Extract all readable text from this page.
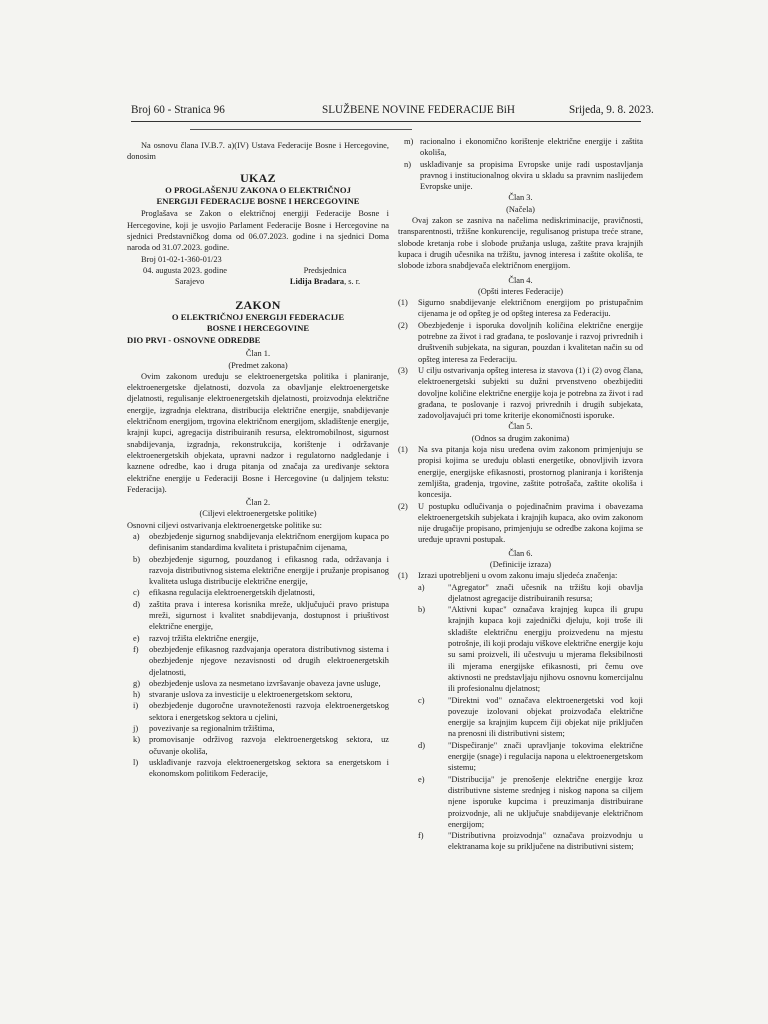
Broj 60 - Stranica 96	SLUŽBENE NOVINE FEDERACIJE BiH	Srijeda, 9. 8. 2023.

Na osnovu člana IV.B.7. a)(IV) Ustava Federacije Bosne i Hercegovine, donosim

UKAZ

O PROGLAŠENJU ZAKONA O ELEKTRIČNOJ

ENERGIJI FEDERACIJE BOSNE I HERCEGOVINE

Proglašava se Zakon o električnoj energiji Federacije Bosne i Hercegovine, koji je usvojio Parlament Federacije Bosne i Hercegovine na sjednici Predstavničkog doma od 06.07.2023. godine i na sjednici Doma naroda od 31.07.2023. godine.

Broj 01-02-1-360-01/23

04. augusta 2023. godine
Sarajevo
Predsjednica
Lidija Bradara, s. r.

ZAKON

O ELEKTRIČNOJ ENERGIJI FEDERACIJE

BOSNE I HERCEGOVINE

DIO PRVI - OSNOVNE ODREDBE

Član 1.

(Predmet zakona)

Ovim zakonom uređuju se elektroenergetska politika i planiranje, elektroenergetske djelatnosti, dozvola za obavljanje elektroenergetske djelatnosti, regulisanje elektroenergetskih djelatnosti, proizvodnja električne energije, izgradnja elektrana, distribucija električne energije, snabdijevanje električnom energijom, trgovina električnom energijom, skladištenje energije, krajnji kupci, agregacija distribuiranih resursa, elektromobilnost, sigurnost snabdijevanja, izgradnja, rekonstrukcija, korištenje i održavanje elektroenergetskih objekata, upravni nadzor i regulatorno nadgledanje i kaznene odredbe, kao i druga pitanja od značaja za uređivanje sektora električne energije u Federaciji Bosne i Hercegovine (u daljnjem tekstu: Federacija).

Član 2.

(Ciljevi elektroenergetske politike)

Osnovni ciljevi ostvarivanja elektroenergetske politike su:

a)	obezbjeđenje sigurnog snabdijevanja električnom energijom kupaca po definisanim standardima kvaliteta i pristupačnim cijenama,
b)	obezbjeđenje sigurnog, pouzdanog i efikasnog rada, održavanja i razvoja distributivnog sistema električne energije i pružanje propisanog kvaliteta usluga distribucije električne energije,
c)	efikasna regulacija elektroenergetskih djelatnosti,
d)	zaštita prava i interesa korisnika mreže, uključujući pravo pristupa mreži, sigurnost i kvalitet snabdijevanja, dostupnost i priuštivost električne energije,
e)	razvoj tržišta električne energije,
f)	obezbjeđenje efikasnog razdvajanja operatora distributivnog sistema i obezbjeđenje njegove nezavisnosti od drugih elektroenergetskih djelatnosti,
g)	obezbjeđenje uslova za nesmetano izvršavanje obaveza javne usluge,
h)	stvaranje uslova za investicije u elektroenergetskom sektoru,
i)	obezbjeđenje dugoročne uravnoteženosti razvoja elektroenergetskog sektora i energetskog sektora u cjelini,
j)	povezivanje sa regionalnim tržištima,
k)	promovisanje održivog razvoja elektroenergetskog sektora, uz očuvanje okoliša,
l)	usklađivanje razvoja elektroenergetskog sektora sa energetskom i ekonomskom politikom Federacije,
m) racionalno i ekonomično korištenje električne energije i zaštita okoliša,
n)	usklađivanje sa propisima Evropske unije radi uspostavljanja pravnog i institucionalnog okvira u skladu sa pravnim naslijeđem Evropske unije.

Član 3.

(Načela)

Ovaj zakon se zasniva na načelima nediskriminacije, pravičnosti, transparentnosti, tržišne konkurencije, regulisanog pristupa treće strane, slobode kretanja robe i slobode pružanja usluga, zaštite prava krajnjih kupaca i drugih učesnika na tržištu, javnog interesa i zaštite okoliša, te slobode izbora snabdjevača električnom energijom.

Član 4.

(Opšti interes Federacije)

(1)	Sigurno snabdijevanje električnom energijom po pristupačnim cijenama je od opšteg je od opšteg interesa za Federaciju.
(2)	Obezbjeđenje i isporuka dovoljnih količina električne energije potrebne za život i rad građana, te poslovanje i razvoj privrednih i društvenih subjekata, na siguran, pouzdan i kvalitetan način su od opšteg interesa za Federaciju.
(3)	U cilju ostvarivanja opšteg interesa iz stavova (1) i (2) ovog člana, elektroenergetski subjekti su dužni prvenstveno obezbijediti dovoljne količine električne energije koja je potrebna za život i rad građana, te poslovanje i razvoj privrednih i drugih subjekata, zadovoljavajući pri tome kriterije ekonomičnosti isporuke.

Član 5.

(Odnos sa drugim zakonima)

(1)	Na sva pitanja koja nisu uređena ovim zakonom primjenjuju se propisi kojima se uređuju oblasti energetike, obnovljivih izvora energije, energijske efikasnosti, prostornog planiranja i korištenja zemljišta, građenja, trgovine, zaštite potrošača, zaštite okoliša i koncesija.
(2)	U postupku odlučivanja o pojedinačnim pravima i obavezama elektroenergetskih subjekata i krajnjih kupaca, ako ovim zakonom nije drugačije propisano, primjenjuju se odredbe zakona kojima se uređuje upravni postupak.

Član 6.

(Definicije izraza)

(1)	Izrazi upotrebljeni u ovom zakonu imaju sljedeća značenja:
a)	"Agregator" znači učesnik na tržištu koji obavlja djelatnost agregacije distribuiranih resursa;
b)	"Aktivni kupac" označava krajnjeg kupca ili grupu krajnjih kupaca koji zajednički djeluju, koji troše ili skladište električnu energiju proizvedenu na mjestu potrošnje, ili koji prodaju viškove električne energije koju su sami proizveli, ili učestvuju u mjerama fleksibilnosti ili mjerama energijske efikasnosti, pri čemu ove aktivnosti ne predstavljaju njihovu osnovnu komercijalnu ili profesionalnu djelatnost;
c)	"Direktni vod" označava elektroenergetski vod koji povezuje izolovani objekat proizvođača električne energije sa krajnjim kupcem čiji objekat nije priključen na prenosni ili distributivni sistem;
d)	"Dispečiranje" znači upravljanje tokovima električne energije (snage) i regulacija napona u elektroenergetskom sistemu;
e)	"Distribucija" je prenošenje električne energije kroz distributivne sisteme srednjeg i niskog napona sa ciljem njene isporuke kupcima i preuzimanja distribuirane proizvodnje, ali ne uključuje snabdijevanje električnom energijom;
f)	"Distributivna proizvodnja" označava proizvodnju u elektranama koje su priključene na distributivni sistem;
